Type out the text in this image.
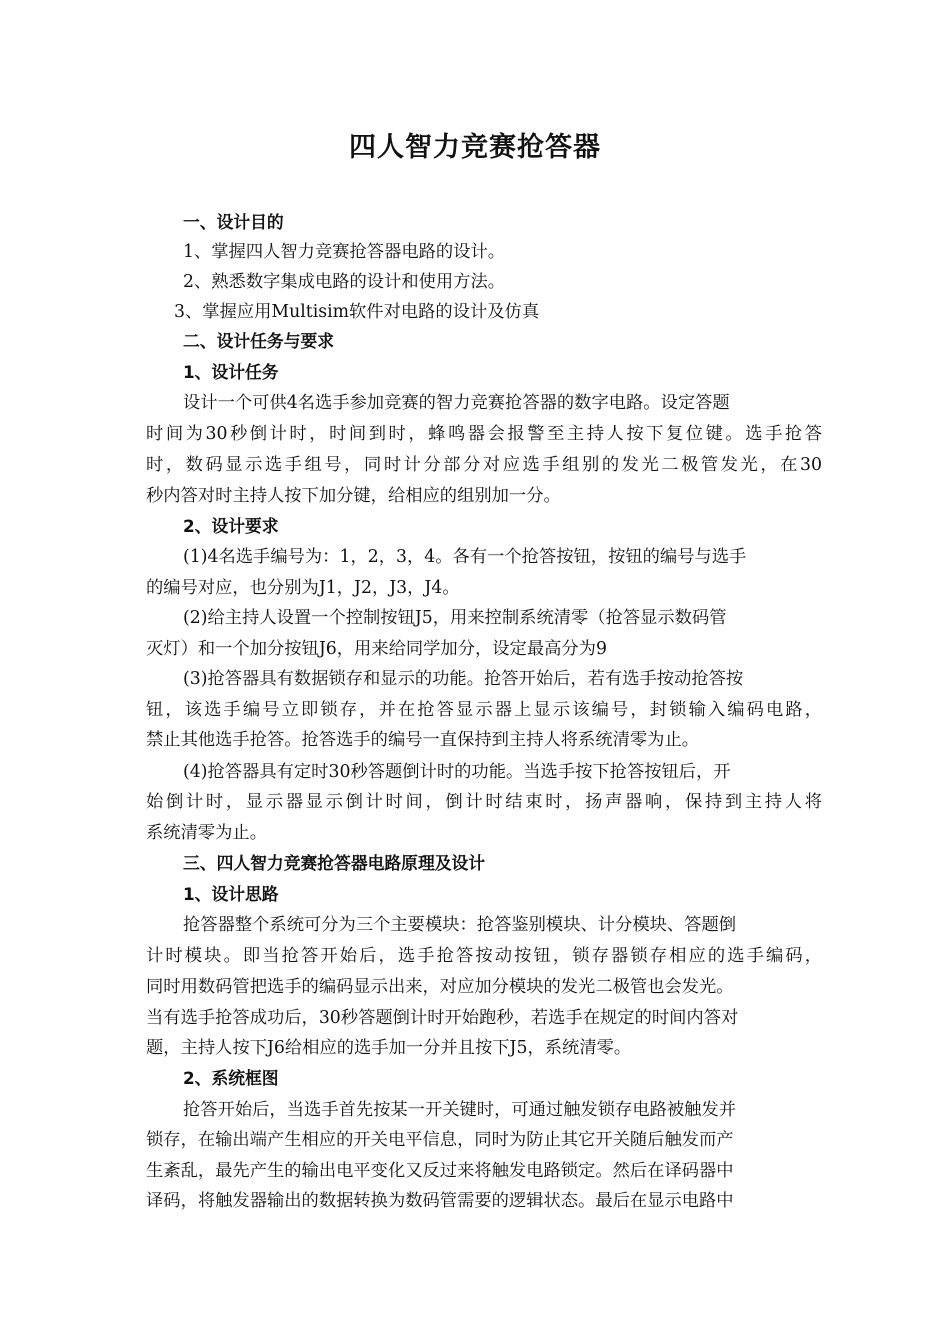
四人智力竞赛抢答器
一、设计目的
1、掌握四人智力竞赛抢答器电路的设计。
2、熟悉数字集成电路的设计和使用方法。
3、掌握应用Multisim软件对电路的设计及仿真
二、设计任务与要求
1、设计任务
设计一个可供4名选手参加竞赛的智力竞赛抢答器的数字电路。设定答题
时间为30秒倒计时，时间到时，蜂鸣器会报警至主持人按下复位键。选手抢答
时，数码显示选手组号，同时计分部分对应选手组别的发光二极管发光，在30
秒内答对时主持人按下加分键，给相应的组别加一分。
2、设计要求
(1)4名选手编号为：1，2，3，4。各有一个抢答按钮，按钮的编号与选手
的编号对应，也分别为J1，J2，J3，J4。
(2)给主持人设置一个控制按钮J5，用来控制系统清零（抢答显示数码管
灭灯）和一个加分按钮J6，用来给同学加分，设定最高分为9
(3)抢答器具有数据锁存和显示的功能。抢答开始后，若有选手按动抢答按
钮，该选手编号立即锁存，并在抢答显示器上显示该编号，封锁输入编码电路，
禁止其他选手抢答。抢答选手的编号一直保持到主持人将系统清零为止。
(4)抢答器具有定时30秒答题倒计时的功能。当选手按下抢答按钮后，开
始倒计时，显示器显示倒计时间，倒计时结束时，扬声器响，保持到主持人将
系统清零为止。
三、四人智力竞赛抢答器电路原理及设计
1、设计思路
抢答器整个系统可分为三个主要模块：抢答鉴别模块、计分模块、答题倒
计时模块。即当抢答开始后，选手抢答按动按钮，锁存器锁存相应的选手编码，
同时用数码管把选手的编码显示出来，对应加分模块的发光二极管也会发光。
当有选手抢答成功后，30秒答题倒计时开始跑秒，若选手在规定的时间内答对
题，主持人按下J6给相应的选手加一分并且按下J5，系统清零。
2、系统框图
抢答开始后，当选手首先按某一开关键时，可通过触发锁存电路被触发并
锁存，在输出端产生相应的开关电平信息，同时为防止其它开关随后触发而产
生紊乱，最先产生的输出电平变化又反过来将触发电路锁定。然后在译码器中
译码，将触发器输出的数据转换为数码管需要的逻辑状态。最后在显示电路中
